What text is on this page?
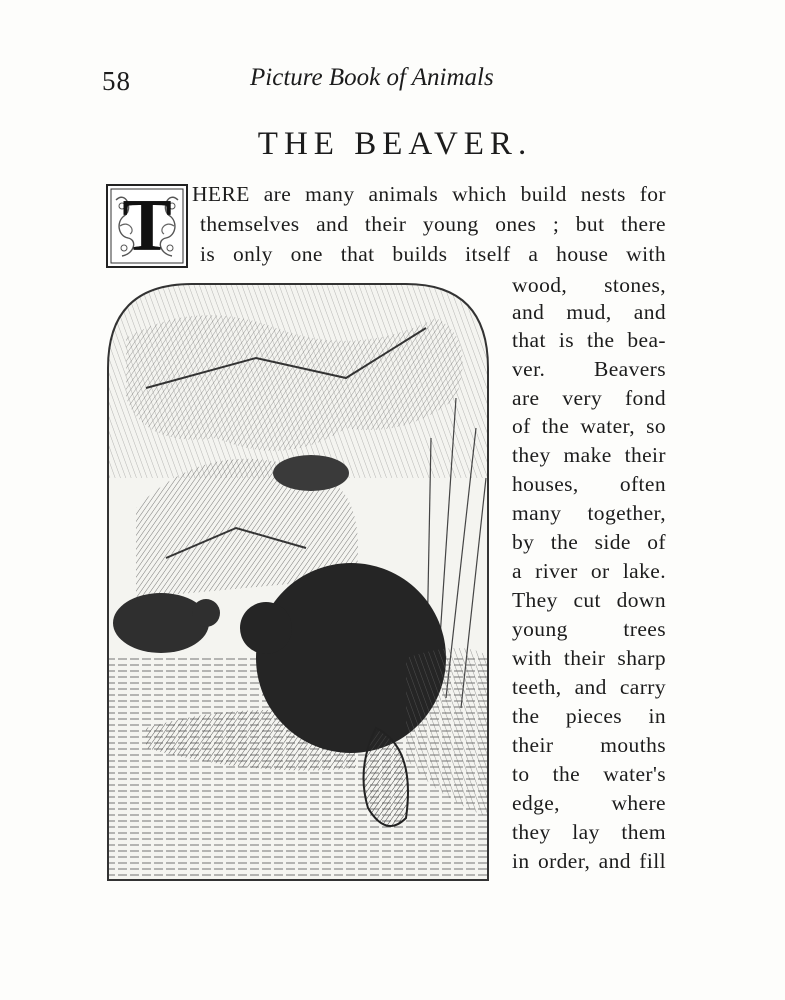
58	Picture Book of Animals
THE BEAVER.
T HERE are many animals which build nests for
themselves and their young ones ; but there
is only one that builds itself a house with
wood, stones,
and mud, and
that is the bea-
ver. Beavers
are very fond
of the water, so
they make their
houses, often
many together,
by the side of
a river or lake.
They cut down
young trees
with their sharp
teeth, and carry
the pieces in
their mouths
to the water's
edge, where
they lay them
in order, and fill
